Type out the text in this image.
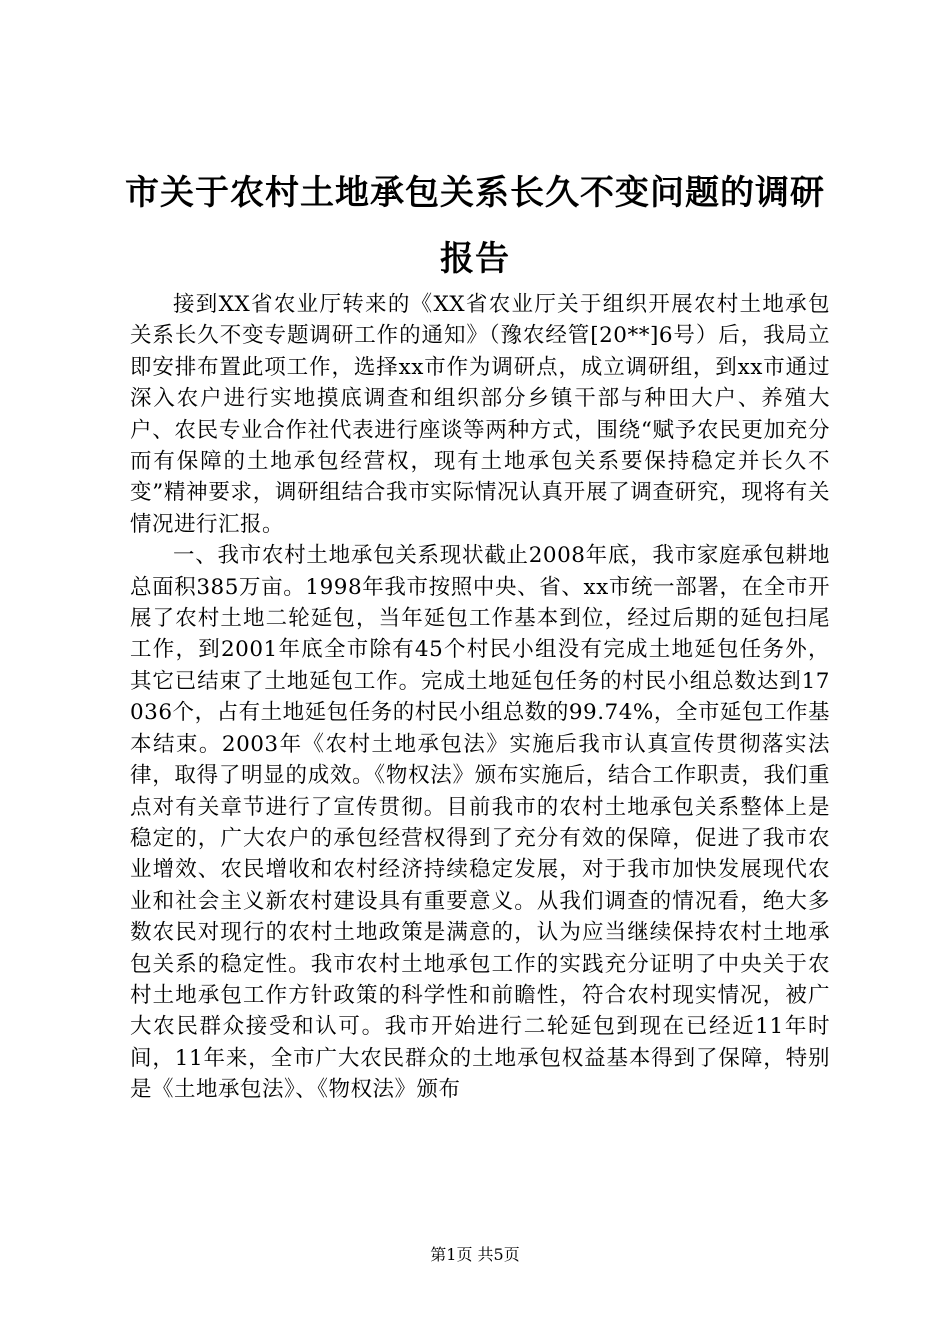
市关于农村土地承包关系长久不变问题的调研报告

接到XX省农业厅转来的《XX省农业厅关于组织开展农村土地承包关系长久不变专题调研工作的通知》（豫农经管[20**]6号）后，我局立即安排布置此项工作，选择xx市作为调研点，成立调研组，到xx市通过深入农户进行实地摸底调查和组织部分乡镇干部与种田大户、养殖大户、农民专业合作社代表进行座谈等两种方式，围绕“赋予农民更加充分而有保障的土地承包经营权，现有土地承包关系要保持稳定并长久不变”精神要求，调研组结合我市实际情况认真开展了调查研究，现将有关情况进行汇报。

一、我市农村土地承包关系现状截止2008年底，我市家庭承包耕地总面积385万亩。1998年我市按照中央、省、xx市统一部署，在全市开展了农村土地二轮延包，当年延包工作基本到位，经过后期的延包扫尾工作，到2001年底全市除有45个村民小组没有完成土地延包任务外，其它已结束了土地延包工作。完成土地延包任务的村民小组总数达到17036个，占有土地延包任务的村民小组总数的99.74%，全市延包工作基本结束。2003年《农村土地承包法》实施后我市认真宣传贯彻落实法律，取得了明显的成效。《物权法》颁布实施后，结合工作职责，我们重点对有关章节进行了宣传贯彻。目前我市的农村土地承包关系整体上是稳定的，广大农户的承包经营权得到了充分有效的保障，促进了我市农业增效、农民增收和农村经济持续稳定发展，对于我市加快发展现代农业和社会主义新农村建设具有重要意义。从我们调查的情况看，绝大多数农民对现行的农村土地政策是满意的，认为应当继续保持农村土地承包关系的稳定性。我市农村土地承包工作的实践充分证明了中央关于农村土地承包工作方针政策的科学性和前瞻性，符合农村现实情况，被广大农民群众接受和认可。我市开始进行二轮延包到现在已经近11年时间，11年来，全市广大农民群众的土地承包权益基本得到了保障，特别是《土地承包法》、《物权法》颁布

第1页 共5页
